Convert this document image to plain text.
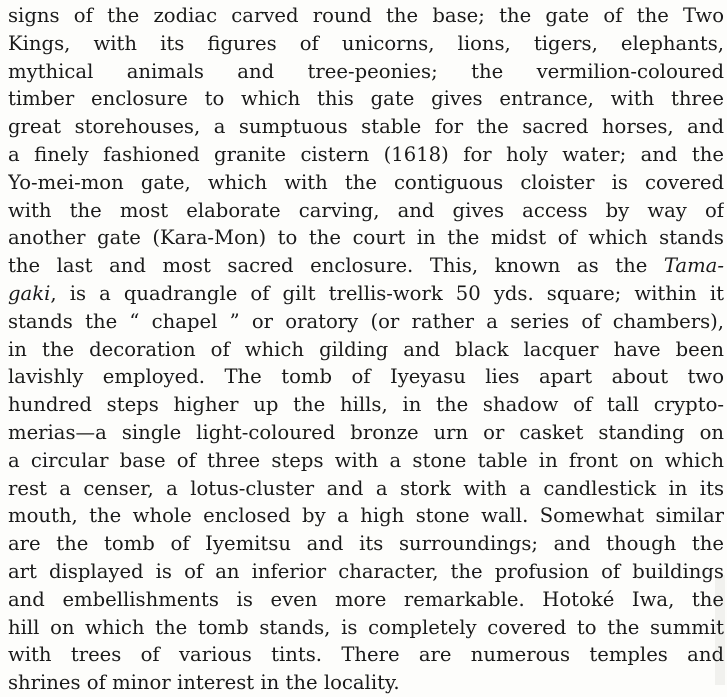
signs of the zodiac carved round the base; the gate of the Two
Kings, with its figures of unicorns, lions, tigers, elephants,
mythical animals and tree-peonies; the vermilion-coloured
timber enclosure to which this gate gives entrance, with three
great storehouses, a sumptuous stable for the sacred horses, and
a finely fashioned granite cistern (1618) for holy water; and the
Yo-mei-mon gate, which with the contiguous cloister is covered
with the most elaborate carving, and gives access by way of
another gate (Kara-Mon) to the court in the midst of which stands
the last and most sacred enclosure. This, known as the Tama-
gaki, is a quadrangle of gilt trellis-work 50 yds. square; within it
stands the “ chapel ” or oratory (or rather a series of chambers),
in the decoration of which gilding and black lacquer have been
lavishly employed. The tomb of Iyeyasu lies apart about two
hundred steps higher up the hills, in the shadow of tall crypto-
merias—a single light-coloured bronze urn or casket standing on
a circular base of three steps with a stone table in front on which
rest a censer, a lotus-cluster and a stork with a candlestick in its
mouth, the whole enclosed by a high stone wall. Somewhat similar
are the tomb of Iyemitsu and its surroundings; and though the
art displayed is of an inferior character, the profusion of buildings
and embellishments is even more remarkable. Hotoké Iwa, the
hill on which the tomb stands, is completely covered to the summit
with trees of various tints. There are numerous temples and
shrines of minor interest in the locality.
